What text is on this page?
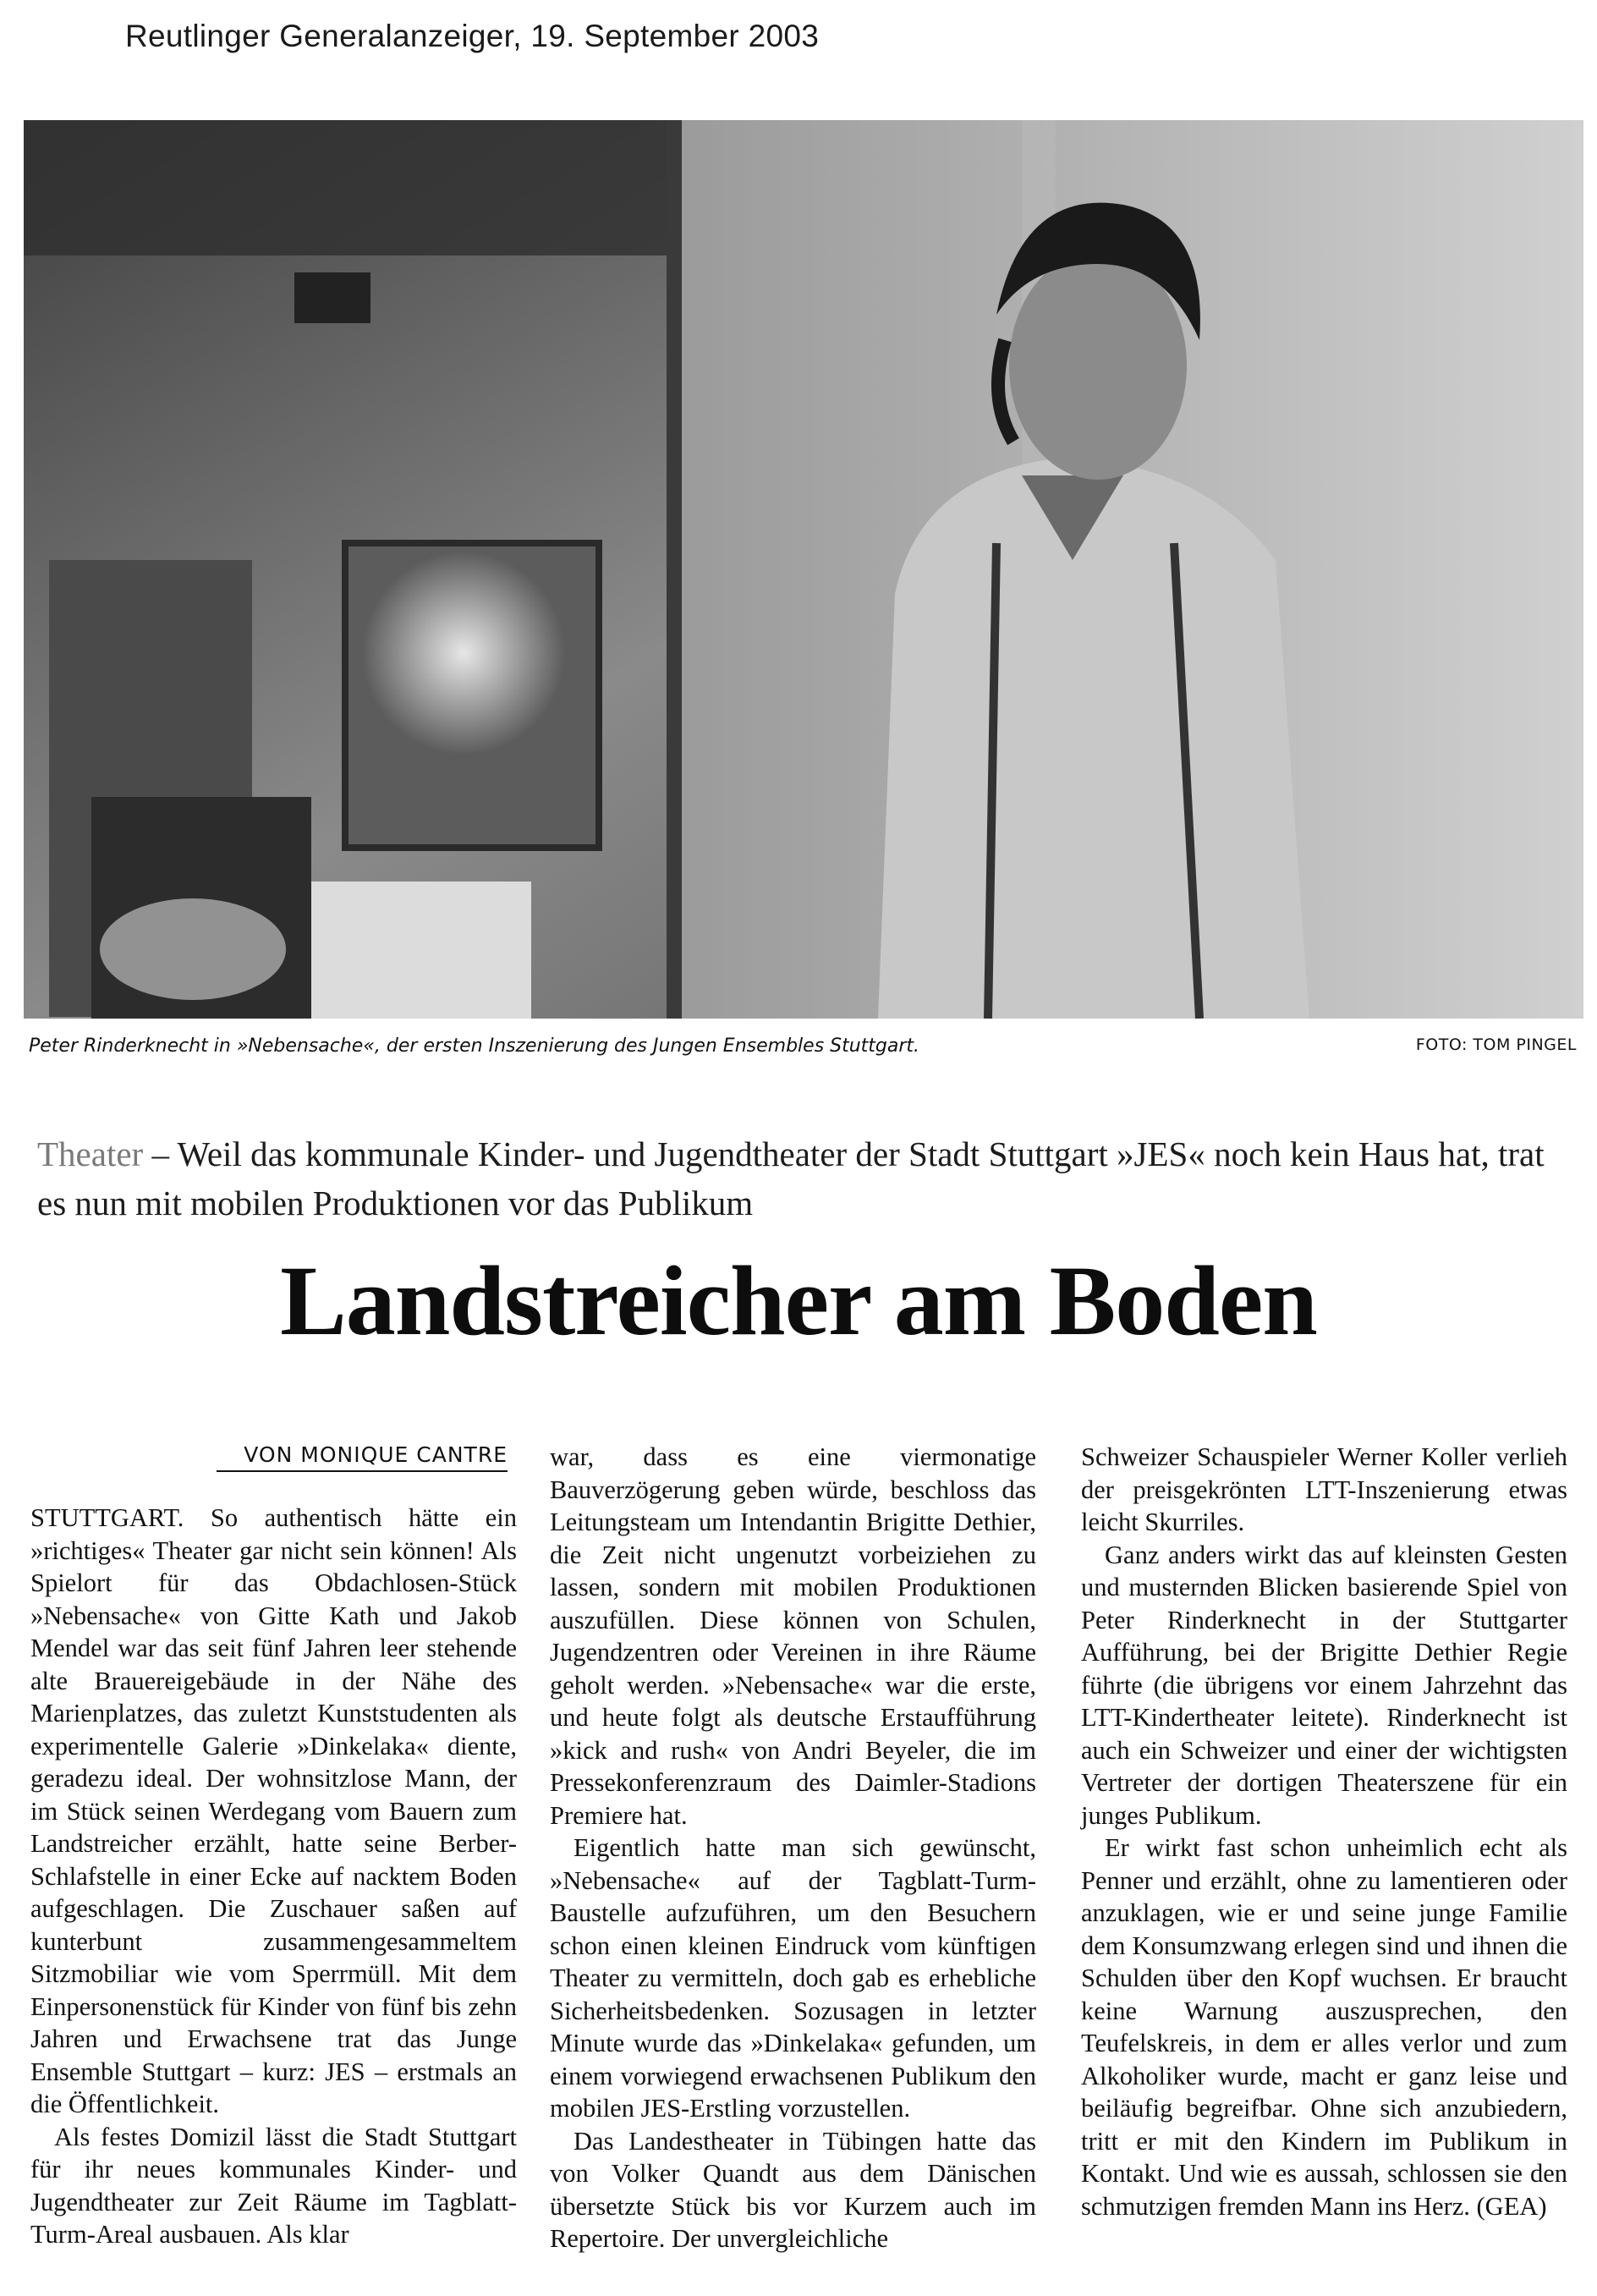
Reutlinger Generalanzeiger, 19. September 2003
Peter Rinderknecht in »Nebensache«, der ersten Inszenierung des Jungen Ensembles Stuttgart.	FOTO: TOM PINGEL
Theater – Weil das kommunale Kinder- und Jugendtheater der Stadt Stuttgart »JES« noch kein Haus hat, trat es nun mit mobilen Produktionen vor das Publikum
Landstreicher am Boden
VON MONIQUE CANTRE

STUTTGART. So authentisch hätte ein »richtiges« Theater gar nicht sein können! Als Spielort für das Obdachlosen-Stück »Nebensache« von Gitte Kath und Jakob Mendel war das seit fünf Jahren leer stehende alte Brauereigebäude in der Nähe des Marienplatzes, das zuletzt Kunststudenten als experimentelle Galerie »Dinkelaka« diente, geradezu ideal. Der wohnsitzlose Mann, der im Stück seinen Werdegang vom Bauern zum Landstreicher erzählt, hatte seine Berber-Schlafstelle in einer Ecke auf nacktem Boden aufgeschlagen. Die Zuschauer saßen auf kunterbunt zusammengesammeltem Sitzmobiliar wie vom Sperrmüll. Mit dem Einpersonenstück für Kinder von fünf bis zehn Jahren und Erwachsene trat das Junge Ensemble Stuttgart – kurz: JES – erstmals an die Öffentlichkeit.

Als festes Domizil lässt die Stadt Stuttgart für ihr neues kommunales Kinder- und Jugendtheater zur Zeit Räume im Tagblatt-Turm-Areal ausbauen. Als klar

war, dass es eine viermonatige Bauverzögerung geben würde, beschloss das Leitungsteam um Intendantin Brigitte Dethier, die Zeit nicht ungenutzt vorbeiziehen zu lassen, sondern mit mobilen Produktionen auszufüllen. Diese können von Schulen, Jugendzentren oder Vereinen in ihre Räume geholt werden. »Nebensache« war die erste, und heute folgt als deutsche Erstaufführung »kick and rush« von Andri Beyeler, die im Pressekonferenzraum des Daimler-Stadions Premiere hat.

Eigentlich hatte man sich gewünscht, »Nebensache« auf der Tagblatt-Turm-Baustelle aufzuführen, um den Besuchern schon einen kleinen Eindruck vom künftigen Theater zu vermitteln, doch gab es erhebliche Sicherheitsbedenken. Sozusagen in letzter Minute wurde das »Dinkelaka« gefunden, um einem vorwiegend erwachsenen Publikum den mobilen JES-Erstling vorzustellen.

Das Landestheater in Tübingen hatte das von Volker Quandt aus dem Dänischen übersetzte Stück bis vor Kurzem auch im Repertoire. Der unvergleichliche

Schweizer Schauspieler Werner Koller verlieh der preisgekrönten LTT-Inszenierung etwas leicht Skurriles.

Ganz anders wirkt das auf kleinsten Gesten und musternden Blicken basierende Spiel von Peter Rinderknecht in der Stuttgarter Aufführung, bei der Brigitte Dethier Regie führte (die übrigens vor einem Jahrzehnt das LTT-Kindertheater leitete). Rinderknecht ist auch ein Schweizer und einer der wichtigsten Vertreter der dortigen Theaterszene für ein junges Publikum.

Er wirkt fast schon unheimlich echt als Penner und erzählt, ohne zu lamentieren oder anzuklagen, wie er und seine junge Familie dem Konsumzwang erlegen sind und ihnen die Schulden über den Kopf wuchsen. Er braucht keine Warnung auszusprechen, den Teufelskreis, in dem er alles verlor und zum Alkoholiker wurde, macht er ganz leise und beiläufig begreifbar. Ohne sich anzubiedern, tritt er mit den Kindern im Publikum in Kontakt. Und wie es aussah, schlossen sie den schmutzigen fremden Mann ins Herz. (GEA)
